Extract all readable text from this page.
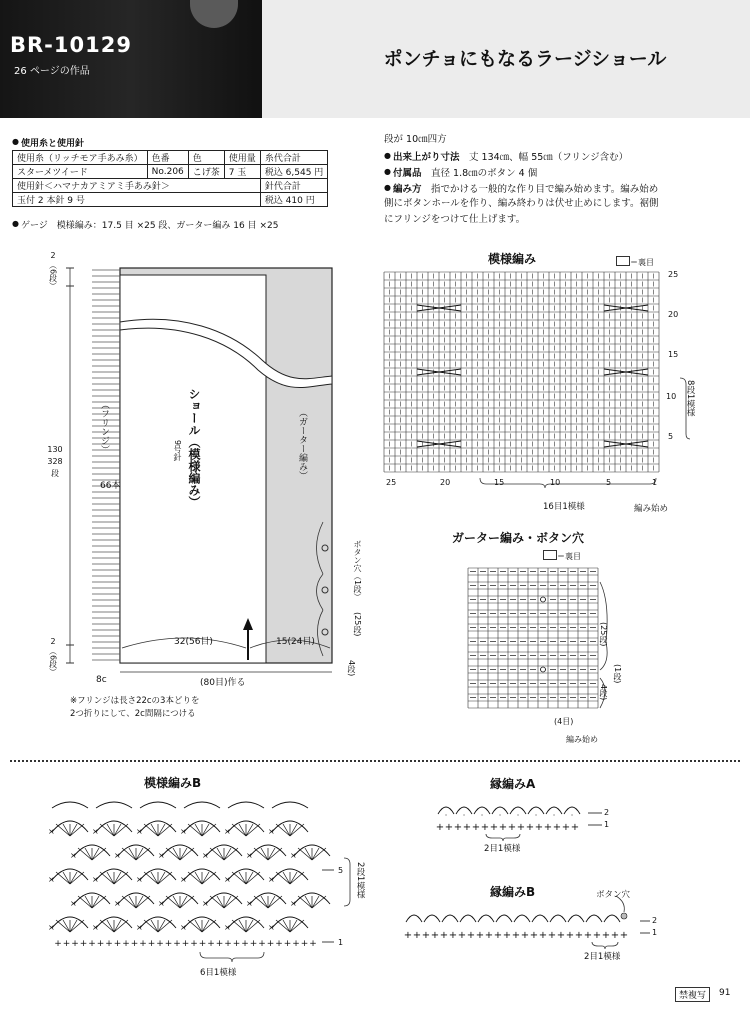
BR-10129
26 ページの作品
ポンチョにもなるラージショール
● 使用糸と使用針
使用糸（リッチモア手あみ糸）	色番	色	使用量	糸代合計
スターメツイード	No.206	こげ茶	7 玉	税込 6,545 円
使用針＜ハマナカアミアミ手あみ針＞				針代合計
玉付 2 本針 9 号				税込 410 円
● ゲージ　模様編み：17.5 目 ×25 段、ガーター編み 16 目 ×25
段が 10㎝四方
● 出来上がり寸法　 丈 134㎝、幅 55㎝（フリンジ含む）
● 付属品　 直径 1.8㎝のボタン 4 個
● 編み方　 指でかける一般的な作り目で編み始めます。編み始め
側にボタンホールを作り、編み終わりは伏せ止めにします。裾側
にフリンジをつけて仕上げます。
ショール（模様編み）
9号針
（フリンジ）
66本
（ガーター編み）
2
（6段）
130
328
段
2
（6段）
32(56目)	15(24目)
(80目)作る
8c
ボタン穴（1段）
(25段)
4段)
※フリンジは長さ22cの3本どりを
2つ折りにして、2c間隔につける
模様編み	＝裏目
25
20
15
10
5
25	20	15	10	5	1
16目1模様
8段1模様
編み始め
ガーター編み・ボタン穴
＝裏目
(25段)
(1段)
4段)
(4目)
編み始め
模様編みB
+ + + + + + + + + + + + + + + + + + + + + + + + + + + + + + +
×	×	×	×	×	×
×	×	×	×	×	×
×	×	×	×	×	×
×	×	×	×	×	×
×	×	×	×	×	×	+ + + + + + + + + + + + + + + +
· · · · · · · ·
+ + + + + + + + + + + + + + + + + + + + + + + + +
5
1
2段1模様
6目1模様
縁編みA
2
1
2目1模様
縁編みB	ボタン穴
2
1
2目1模様
禁複写	91
